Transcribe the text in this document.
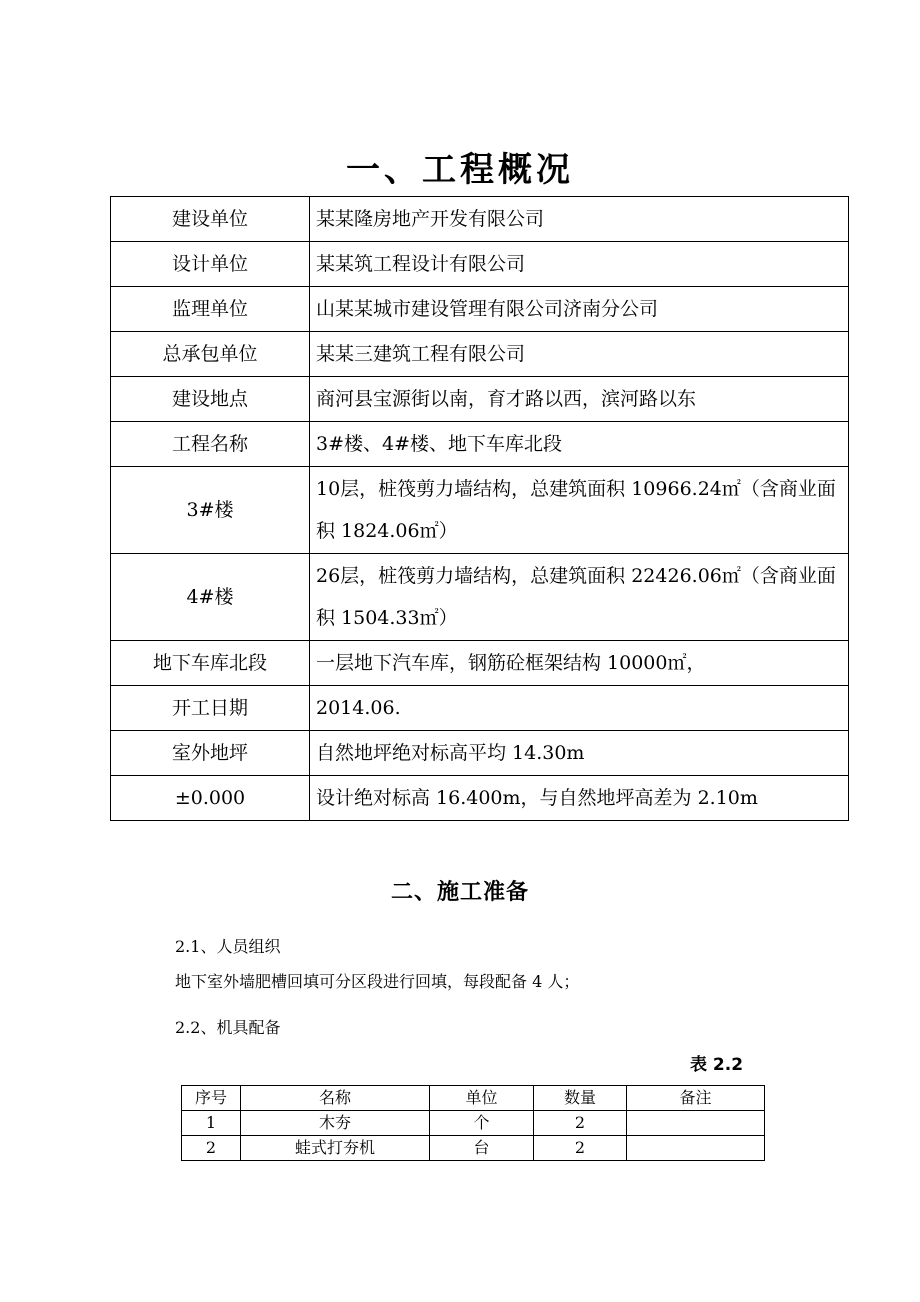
一、工程概况
建设单位	某某隆房地产开发有限公司
设计单位	某某筑工程设计有限公司
监理单位	山某某城市建设管理有限公司济南分公司
总承包单位	某某三建筑工程有限公司
建设地点	商河县宝源街以南，育才路以西，滨河路以东
工程名称	3#楼、4#楼、地下车库北段
3#楼	10层，桩筏剪力墙结构，总建筑面积 10966.24㎡（含商业面积 1824.06㎡）
4#楼	26层，桩筏剪力墙结构，总建筑面积 22426.06㎡（含商业面积 1504.33㎡）
地下车库北段	一层地下汽车库，钢筋砼框架结构 10000㎡，
开工日期	2014.06.
室外地坪	自然地坪绝对标高平均 14.30m
±0.000	设计绝对标高 16.400m，与自然地坪高差为 2.10m
二、施工准备
2.1、人员组织
地下室外墙肥槽回填可分区段进行回填，每段配备 4 人；
2.2、机具配备
表 2.2
序号	名称	单位	数量	备注
1	木夯	个	2	
2	蛙式打夯机	台	2	
